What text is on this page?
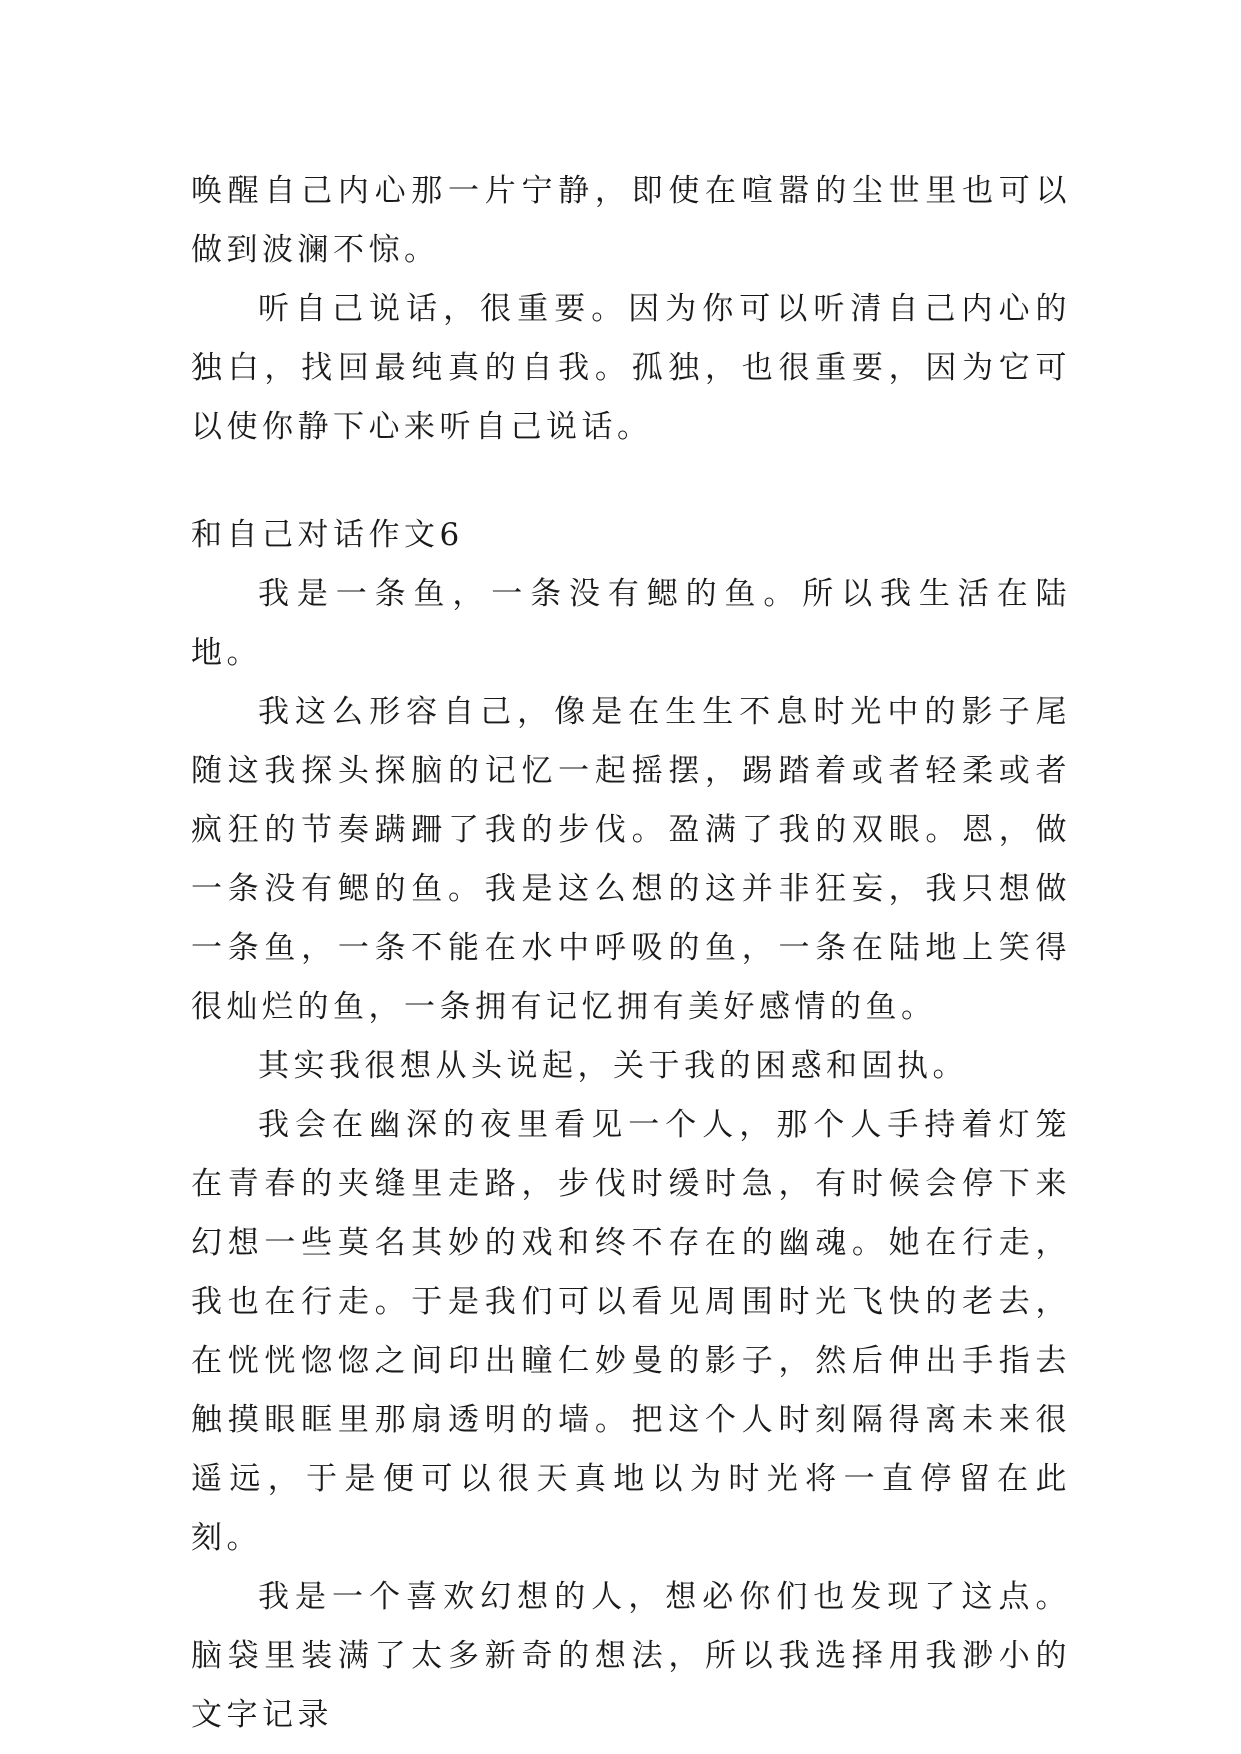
唤醒自己内心那一片宁静，即使在喧嚣的尘世里也可以做到波澜不惊。

听自己说话，很重要。因为你可以听清自己内心的独白，找回最纯真的自我。孤独，也很重要，因为它可以使你静下心来听自己说话。

和自己对话作文6

我是一条鱼，一条没有鳃的鱼。所以我生活在陆地。

我这么形容自己，像是在生生不息时光中的影子尾随这我探头探脑的记忆一起摇摆，踢踏着或者轻柔或者疯狂的节奏蹒跚了我的步伐。盈满了我的双眼。恩，做一条没有鳃的鱼。我是这么想的这并非狂妄，我只想做一条鱼，一条不能在水中呼吸的鱼，一条在陆地上笑得很灿烂的鱼，一条拥有记忆拥有美好感情的鱼。

其实我很想从头说起，关于我的困惑和固执。

我会在幽深的夜里看见一个人，那个人手持着灯笼在青春的夹缝里走路，步伐时缓时急，有时候会停下来幻想一些莫名其妙的戏和终不存在的幽魂。她在行走，我也在行走。于是我们可以看见周围时光飞快的老去，在恍恍惚惚之间印出瞳仁妙曼的影子，然后伸出手指去触摸眼眶里那扇透明的墙。把这个人时刻隔得离未来很遥远，于是便可以很天真地以为时光将一直停留在此刻。

我是一个喜欢幻想的人，想必你们也发现了这点。脑袋里装满了太多新奇的想法，所以我选择用我渺小的文字记录
